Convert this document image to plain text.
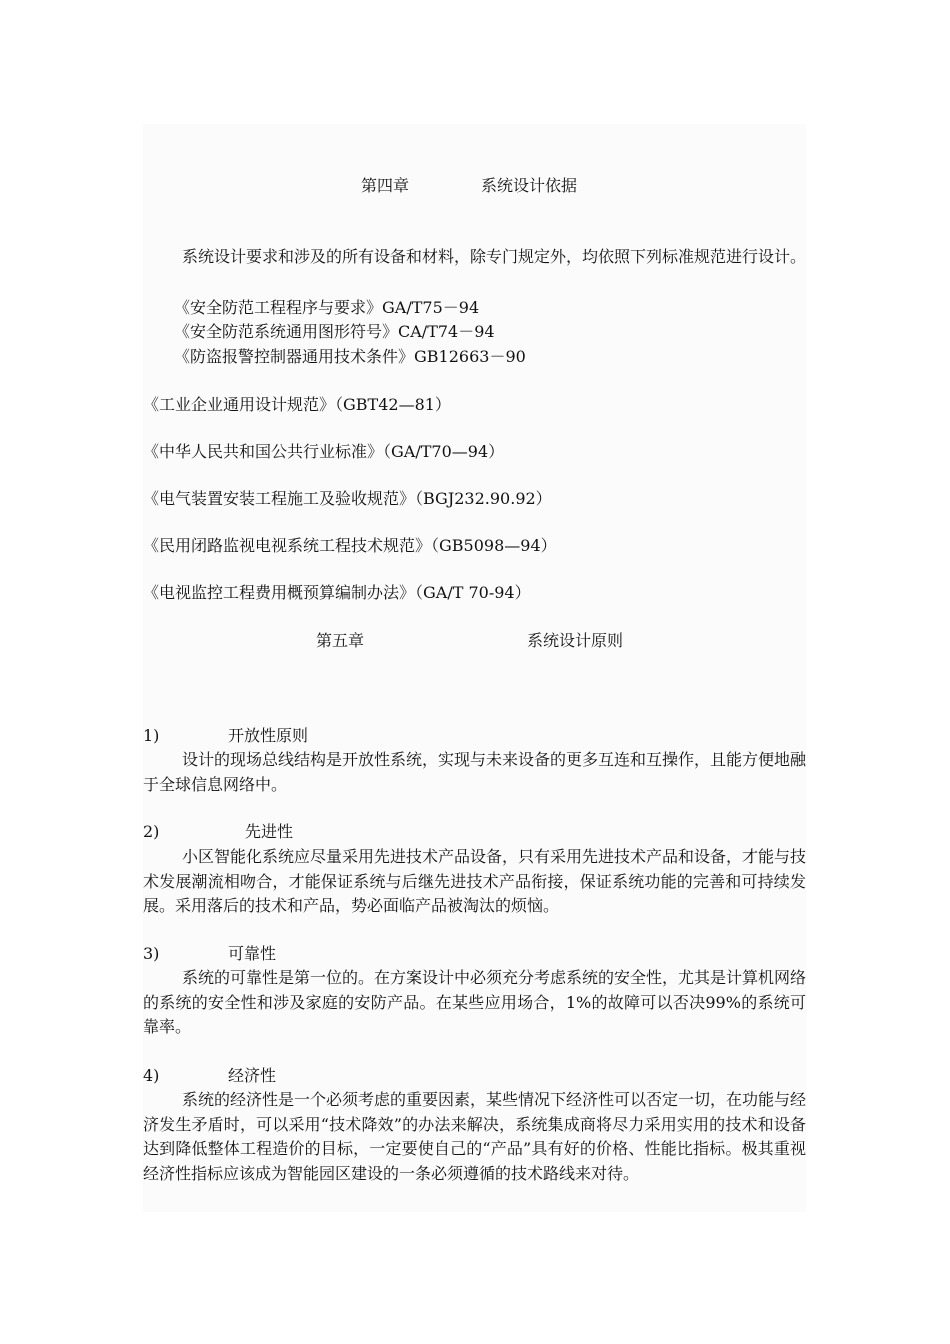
第四章	系统设计依据
系统设计要求和涉及的所有设备和材料，除专门规定外，均依照下列标准规范进行设计。
《安全防范工程程序与要求》GA/T75－94
《安全防范系统通用图形符号》CA/T74－94
《防盗报警控制器通用技术条件》GB12663－90
《工业企业通用设计规范》（GBT42—81）
《中华人民共和国公共行业标准》（GA/T70—94）
《电气装置安装工程施工及验收规范》（BGJ232.90.92）
《民用闭路监视电视系统工程技术规范》（GB5098—94）
《电视监控工程费用概预算编制办法》（GA/T 70-94）
第五章	系统设计原则
1)	开放性原则
设计的现场总线结构是开放性系统，实现与未来设备的更多互连和互操作，且能方便地融于全球信息网络中。
2)	先进性
小区智能化系统应尽量采用先进技术产品设备，只有采用先进技术产品和设备，才能与技术发展潮流相吻合，才能保证系统与后继先进技术产品衔接，保证系统功能的完善和可持续发展。采用落后的技术和产品，势必面临产品被淘汰的烦恼。
3)	可靠性
系统的可靠性是第一位的。在方案设计中必须充分考虑系统的安全性，尤其是计算机网络的系统的安全性和涉及家庭的安防产品。在某些应用场合，1%的故障可以否决99%的系统可靠率。
4)	经济性
系统的经济性是一个必须考虑的重要因素，某些情况下经济性可以否定一切，在功能与经济发生矛盾时，可以采用“技术降效”的办法来解决，系统集成商将尽力采用实用的技术和设备达到降低整体工程造价的目标，一定要使自己的“产品”具有好的价格、性能比指标。极其重视经济性指标应该成为智能园区建设的一条必须遵循的技术路线来对待。
